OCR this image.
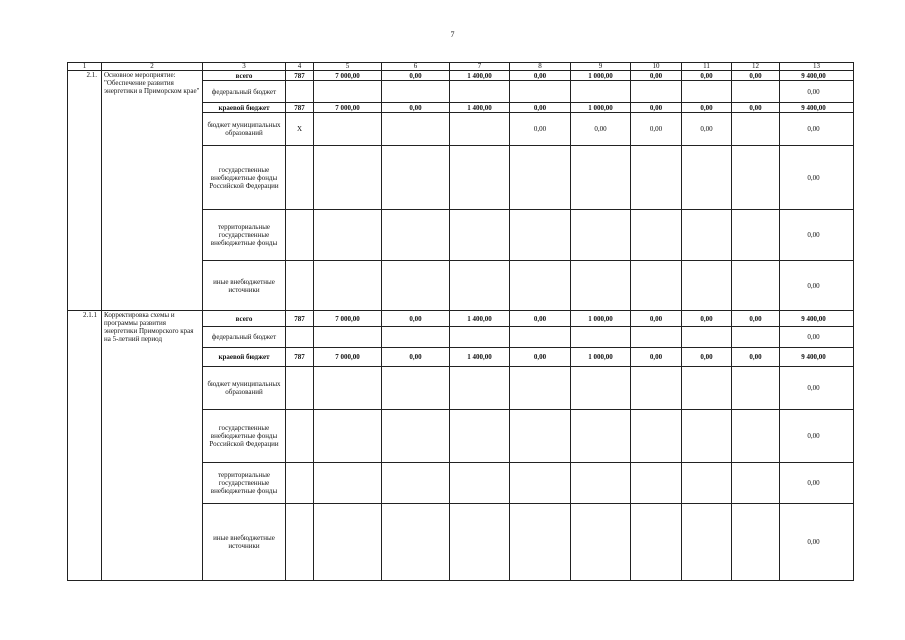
7
1	2	3	4	5	6	7	8	9	10	11	12	13
2.1.	Основное мероприятие: "Обеспечение развития энергетики в Приморском крае"	всего	787	7 000,00	0,00	1 400,00	0,00	1 000,00	0,00	0,00	0,00	9 400,00
		федеральный бюджет										0,00
		краевой бюджет	787	7 000,00	0,00	1 400,00	0,00	1 000,00	0,00	0,00	0,00	9 400,00
		бюджет муниципальных образований	Х				0,00	0,00	0,00	0,00		0,00
		государственные внебюджетные фонды Российской Федерации										0,00
		территориальные государственные внебюджетные фонды										0,00
		иные внебюджетные источники										0,00
2.1.1	Корректировка схемы и программы развития энергетики Приморского края на 5-летний период	всего	787	7 000,00	0,00	1 400,00	0,00	1 000,00	0,00	0,00	0,00	9 400,00
		федеральный бюджет										0,00
		краевой бюджет	787	7 000,00	0,00	1 400,00	0,00	1 000,00	0,00	0,00	0,00	9 400,00
		бюджет муниципальных образований										0,00
		государственные внебюджетные фонды Российской Федерации										0,00
		территориальные государственные внебюджетные фонды										0,00
		иные внебюджетные источники										0,00
